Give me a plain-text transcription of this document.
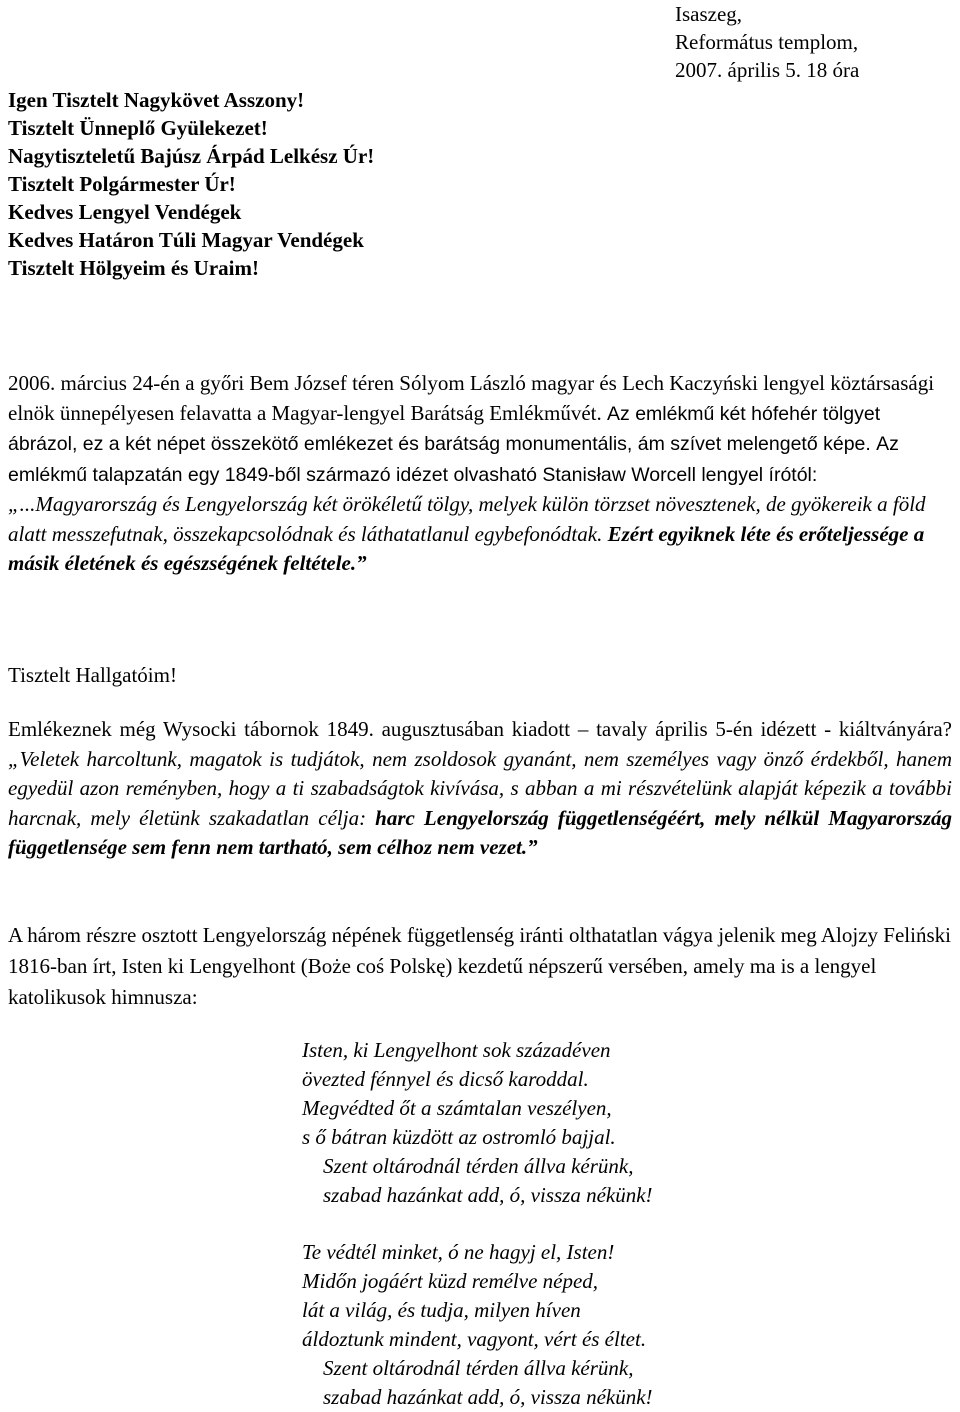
Isaszeg,
Református templom,
2007. április 5. 18 óra
Igen Tisztelt Nagykövet Asszony!
Tisztelt Ünneplő Gyülekezet!
Nagytiszteletű Bajúsz Árpád Lelkész Úr!
Tisztelt Polgármester Úr!
Kedves Lengyel Vendégek
Kedves Határon Túli Magyar Vendégek
Tisztelt Hölgyeim és Uraim!

2006. március 24-én a győri Bem József téren Sólyom László magyar és Lech Kaczyński lengyel köztársasági elnök ünnepélyesen felavatta a Magyar-lengyel Barátság Emlékművét. Az emlékmű két hófehér tölgyet ábrázol, ez a két népet összekötő emlékezet és barátság monumentális, ám szívet melengető képe. Az emlékmű talapzatán egy 1849-ből származó idézet olvasható Stanisław Worcell lengyel írótól: „...Magyarország és Lengyelország két örökéletű tölgy, melyek külön törzset növesztenek, de gyökereik a föld alatt messzefutnak, összekapcsolódnak és láthatatlanul egybefonódtak. Ezért egyiknek léte és erőteljessége a másik életének és egészségének feltétele.”

Tisztelt Hallgatóim!

Emlékeznek még Wysocki tábornok 1849. augusztusában kiadott – tavaly április 5-én idézett - kiáltványára? „Veletek harcoltunk, magatok is tudjátok, nem zsoldosok gyanánt, nem személyes vagy önző érdekből, hanem egyedül azon reményben, hogy a ti szabadságtok kivívása, s abban a mi részvételünk alapját képezik a további harcnak, mely életünk szakadatlan célja: harc Lengyelország függetlenségéért, mely nélkül Magyarország függetlensége sem fenn nem tartható, sem célhoz nem vezet.”

A három részre osztott Lengyelország népének függetlenség iránti olthatatlan vágya jelenik meg Alojzy Feliński 1816-ban írt, Isten ki Lengyelhont (Boże coś Polskę) kezdetű népszerű versében, amely ma is a lengyel katolikusok himnusza:

Isten, ki Lengyelhont sok századéven
övezted fénnyel és dicső karoddal.
Megvédted őt a számtalan veszélyen,
s ő bátran küzdött az ostromló bajjal.
Szent oltárodnál térden állva kérünk,
szabad hazánkat add, ó, vissza nékünk!
Te védtél minket, ó ne hagyj el, Isten!
Midőn jogáért küzd remélve néped,
lát a világ, és tudja, milyen híven
áldoztunk mindent, vagyont, vért és éltet.
Szent oltárodnál térden állva kérünk,
szabad hazánkat add, ó, vissza nékünk!
